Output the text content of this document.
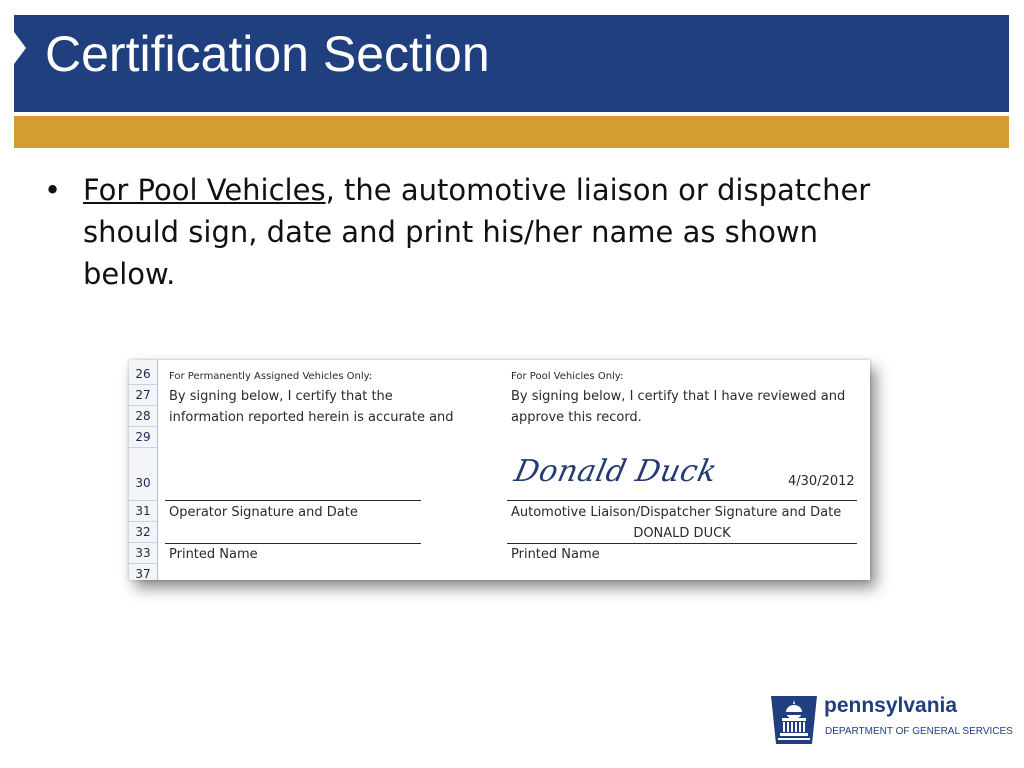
Certification Section
• For Pool Vehicles, the automotive liaison or dispatcher should sign, date and print his/her name as shown below.
26
27
28
29
30
31
32
33
37
For Permanently Assigned Vehicles Only:
By signing below, I certify that the
information reported herein is accurate and
Operator Signature and Date
Printed Name
For Pool Vehicles Only:
By signing below, I certify that I have reviewed and
approve this record.
Donald Duck	4/30/2012
Automotive Liaison/Dispatcher Signature and Date
DONALD DUCK
Printed Name
pennsylvania
DEPARTMENT OF GENERAL SERVICES
